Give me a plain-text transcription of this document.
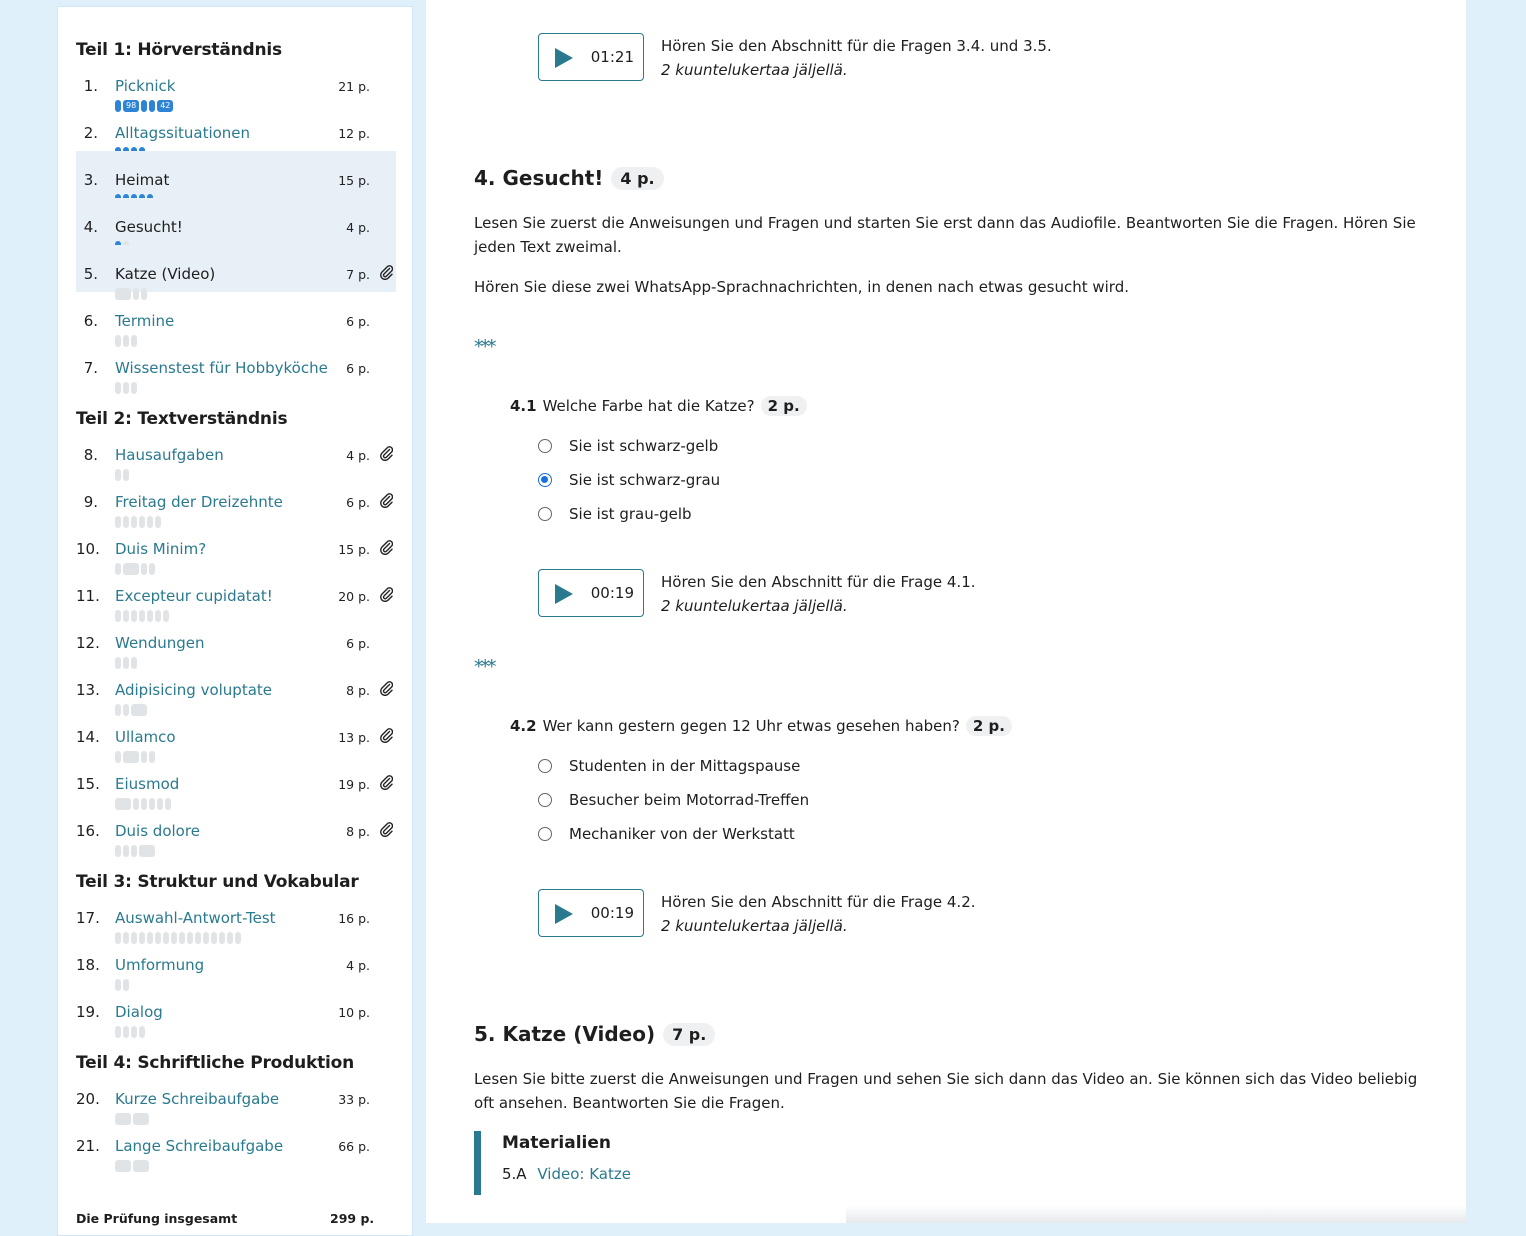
Teil 1: Hörverständnis
1. Picknick	21 p.
98	42
2. Alltagssituationen	12 p.
3. Heimat	15 p.
4. Gesucht!	4 p.
5. Katze (Video)	7 p.
6. Termine	6 p.
7. Wissenstest für Hobbyköche 6 p.
Teil 2: Textverständnis
8. Hausaufgaben	4 p.
9. Freitag der Dreizehnte	6 p.
10. Duis Minim?	15 p.
11. Excepteur cupidatat!	20 p.
12. Wendungen	6 p.
13. Adipisicing voluptate	8 p.
14. Ullamco	13 p.
15. Eiusmod	19 p.
16. Duis dolore	8 p.
Teil 3: Struktur und Vokabular
17. Auswahl-Antwort-Test	16 p.
18. Umformung	4 p.
19. Dialog	10 p.
Teil 4: Schriftliche Produktion
20. Kurze Schreibaufgabe	33 p.
21. Lange Schreibaufgabe	66 p.
Die Prüfung insgesamt	299 p.
01:21
Hören Sie den Abschnitt für die Fragen 3.4. und 3.5.
2 kuuntelukertaa jäljellä.
4. Gesucht!	4 p.

Lesen Sie zuerst die Anweisungen und Fragen und starten Sie erst dann das Audiofile. Beantworten Sie die Fragen. Hören Sie jeden Text zweimal.

Hören Sie diese zwei WhatsApp-Sprachnachrichten, in denen nach etwas gesucht wird.

***
4.1 Welche Farbe hat die Katze? 2 p.
Sie ist schwarz-gelb
Sie ist schwarz-grau
Sie ist grau-gelb
00:19
Hören Sie den Abschnitt für die Frage 4.1.
2 kuuntelukertaa jäljellä.
***
4.2 Wer kann gestern gegen 12 Uhr etwas gesehen haben? 2 p.
Studenten in der Mittagspause
Besucher beim Motorrad-Treffen
Mechaniker von der Werkstatt
00:19
Hören Sie den Abschnitt für die Frage 4.2.
2 kuuntelukertaa jäljellä.
5. Katze (Video)	7 p.

Lesen Sie bitte zuerst die Anweisungen und Fragen und sehen Sie sich dann das Video an. Sie können sich das Video beliebig oft ansehen. Beantworten Sie die Fragen.

Materialien
5.A Video: Katze
